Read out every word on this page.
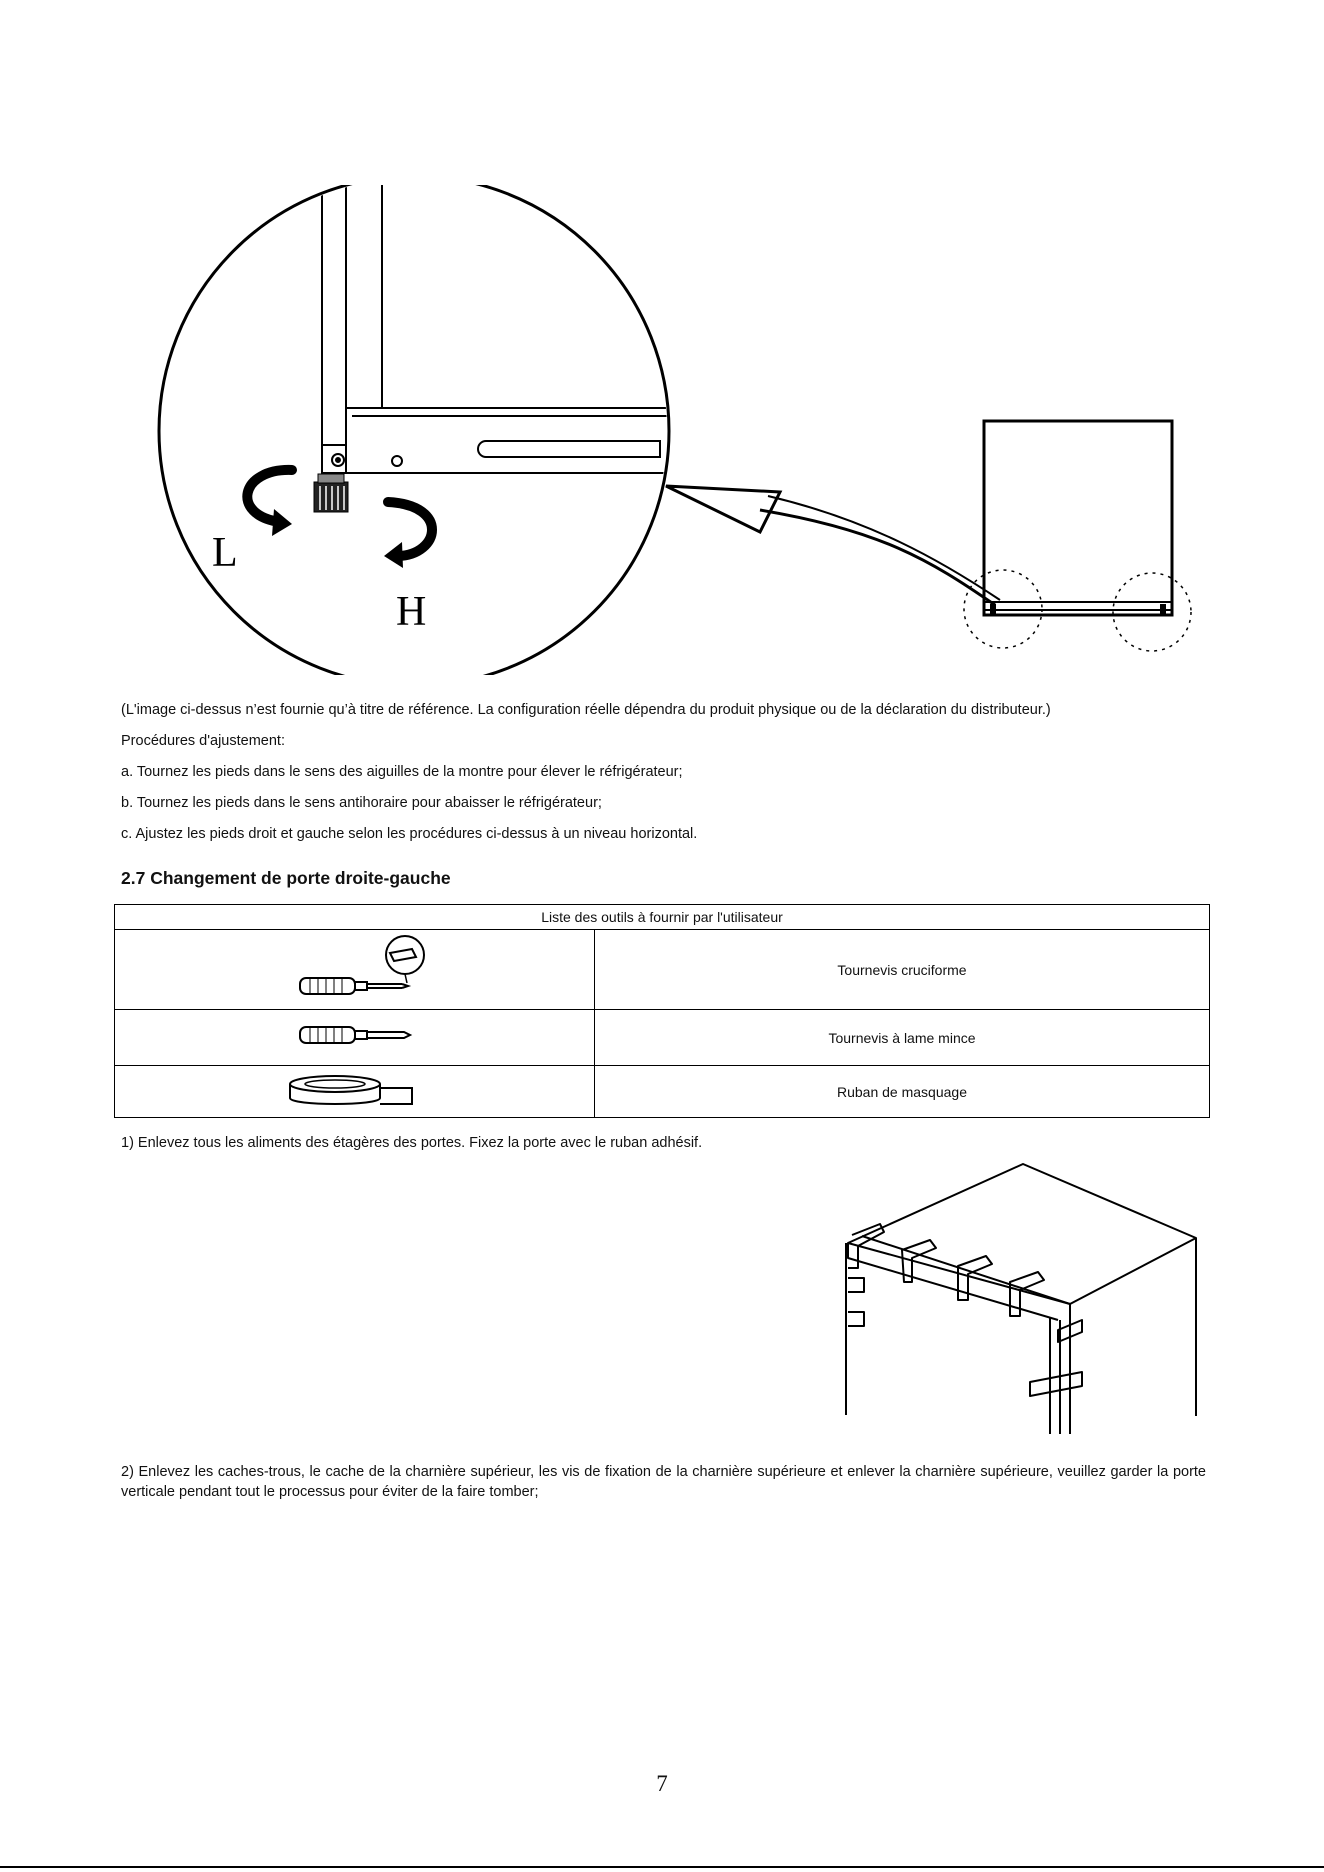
L
H
(L'image ci-dessus n’est fournie qu’à titre de référence. La configuration réelle dépendra du produit physique ou de la déclaration du distributeur.)
Procédures d'ajustement:
a. Tournez les pieds dans le sens des aiguilles de la montre pour élever le réfrigérateur;
b. Tournez les pieds dans le sens antihoraire pour abaisser le réfrigérateur;
c. Ajustez les pieds droit et gauche selon les procédures ci-dessus à un niveau horizontal.
2.7 Changement de porte droite-gauche
Liste des outils à fournir par l'utilisateur	
	Tournevis cruciforme
	Tournevis à lame mince
	Ruban de masquage
1) Enlevez tous les aliments des étagères des portes. Fixez la porte avec le ruban adhésif.
2) Enlevez les caches-trous, le cache de la charnière supérieur, les vis de fixation de la charnière supérieure et enlever la charnière supérieure, veuillez garder la porte verticale pendant tout le processus pour éviter de la faire tomber;
7
